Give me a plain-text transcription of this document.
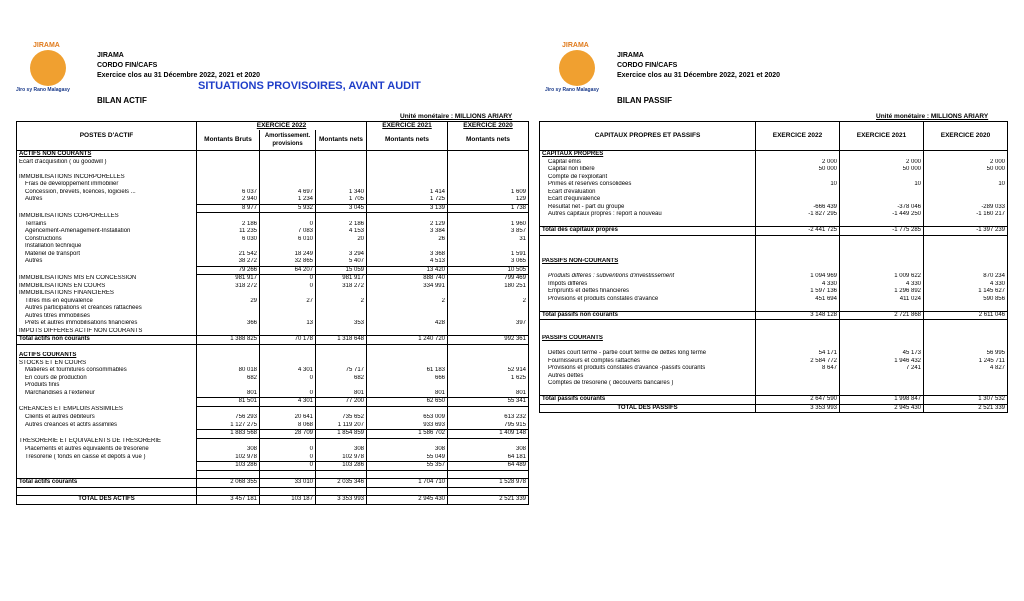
JIRAMA
Jiro sy Rano Malagasy
JIRAMA
CORDO FIN/CAFS
Exercice clos au 31 Décembre 2022, 2021 et 2020
SITUATIONS PROVISOIRES, AVANT AUDIT
BILAN ACTIF
Unité monétaire : MILLIONS ARIARY
JIRAMA
Jiro sy Rano Malagasy
JIRAMA
CORDO FIN/CAFS
Exercice clos au 31 Décembre 2022, 2021 et 2020
BILAN PASSIF
Unité monétaire : MILLIONS ARIARY
POSTES D'ACTIF	EXERCICE 2022			EXERCICE 2021	EXERCICE 2020
	Montants Bruts	Amortissement. provisions	Montants nets	Montants nets	Montants nets
ACTIFS NON COURANTS					
Ecart d'acquisition ( ou goodwill )					

IMMOBILISATIONS INCORPORELLES					
Frais de développement immobilier					
Concession, brevets, licences, logiciels ...	6 037	4 697	1 340	1 414	1 609
Autres	2 940	1 234	1 705	1 725	129
	8 977	5 932	3 045	3 139	1 738
IMMOBILISATIONS CORPORELLES					
Terrains	2 186	0	2 186	2 129	1 960
Agencement-Amenagement-Installation	11 235	7 083	4 153	3 384	3 857
Constructions	6 030	6 010	20	26	31
Installation technique					
Matériel de transport	21 542	18 249	3 294	3 368	1 591
Autres	38 272	32 865	5 407	4 513	3 065
	79 266	64 207	15 059	13 420	10 505
IMMOBILISATIONS MIS EN CONCESSION	981 917	0	981 917	888 740	799 469
IMMOBILISATIONS EN COURS	318 272	0	318 272	334 991	180 251
IMMOBILISATIONS FINANCIERES					
Titres mis en équivalence	29	27	2	2	2
Autres participations et créances rattachées					
Autres titres immobilisés					
Prêts et autres immobilisations financières	366	13	353	428	397
IMPOTS DIFFERES ACTIF NON COURANTS					
Total actifs non courants	1 388 825	70 178	1 318 648	1 240 720	992 361

ACTIFS COURANTS					
STOCKS ET EN COURS					
Matières et fournitures consommables	80 018	4 301	75 717	61 183	52 914
En cours de production	682	0	682	666	1 625
Produits finis					
Marchandises à l'exterieur	801	0	801	801	801
	81 501	4 301	77 200	62 650	55 341
CREANCES ET EMPLOIS ASSIMILES					
Clients et autres débiteurs	756 293	20 641	735 652	653 009	613 232
Autres créances et actifs assimilés	1 127 275	8 068	1 119 207	933 693	795 915
	1 883 568	28 709	1 854 859	1 586 702	1 409 148
TRESORERIE ET EQUIVALENTS DE TRESORERIE					
Placements et autres équivalents de trésorerie	308	0	308	308	308
Trésorerie ( fonds en caisse et dépôts à vue )	102 978	0	102 978	55 049	64 181
	103 286	0	103 286	55 357	64 489

Total actifs courants	2 068 355	33 010	2 035 346	1 704 710	1 528 978

TOTAL DES ACTIFS	3 457 181	103 187	3 353 993	2 945 430	2 521 339
CAPITAUX PROPRES ET PASSIFS	EXERCICE 2022	EXERCICE 2021	EXERCICE 2020
CAPITAUX PROPRES			
Capital émis	2 000	2 000	2 000
Capital non libéré	50 000	50 000	50 000
Compte de l'exploitant			
Primes et réserves consolidées	10	10	10
Ecart d'évaluation			
Ecart d'équivalence			
Résultat net - part du groupe	-666 439	-378 046	-289 033
Autres capitaux propres : report à nouveau	-1 827 295	-1 449 250	-1 160 217

Total des capitaux propres	-2 441 725	-1 775 285	-1 397 239

PASSIFS NON-COURANTS			

Produits différés : subventions d'investissement	1 094 969	1 009 622	870 234
Impôts différés	4 330	4 330	4 330
Emprunts et dettes financières	1 597 136	1 296 892	1 145 627
Provisions et produits constatés d'avance	451 694	411 024	590 856

Total passifs non courants	3 148 128	2 721 868	2 611 046

PASSIFS COURANTS			

Dettes court terme - partie court terme de dettes long terme	54 171	45 173	56 995
Fournisseurs et comptes rattachés	2 584 772	1 946 432	1 245 711
Provisions et produits constatés d'avance -passifs courants	8 647	7 241	4 827
Autres dettes			
Comptes de trésorerie ( découverts bancaires )			

Total passifs courants	2 647 590	1 998 847	1 307 532
TOTAL DES PASSIFS	3 353 993	2 945 430	2 521 339
